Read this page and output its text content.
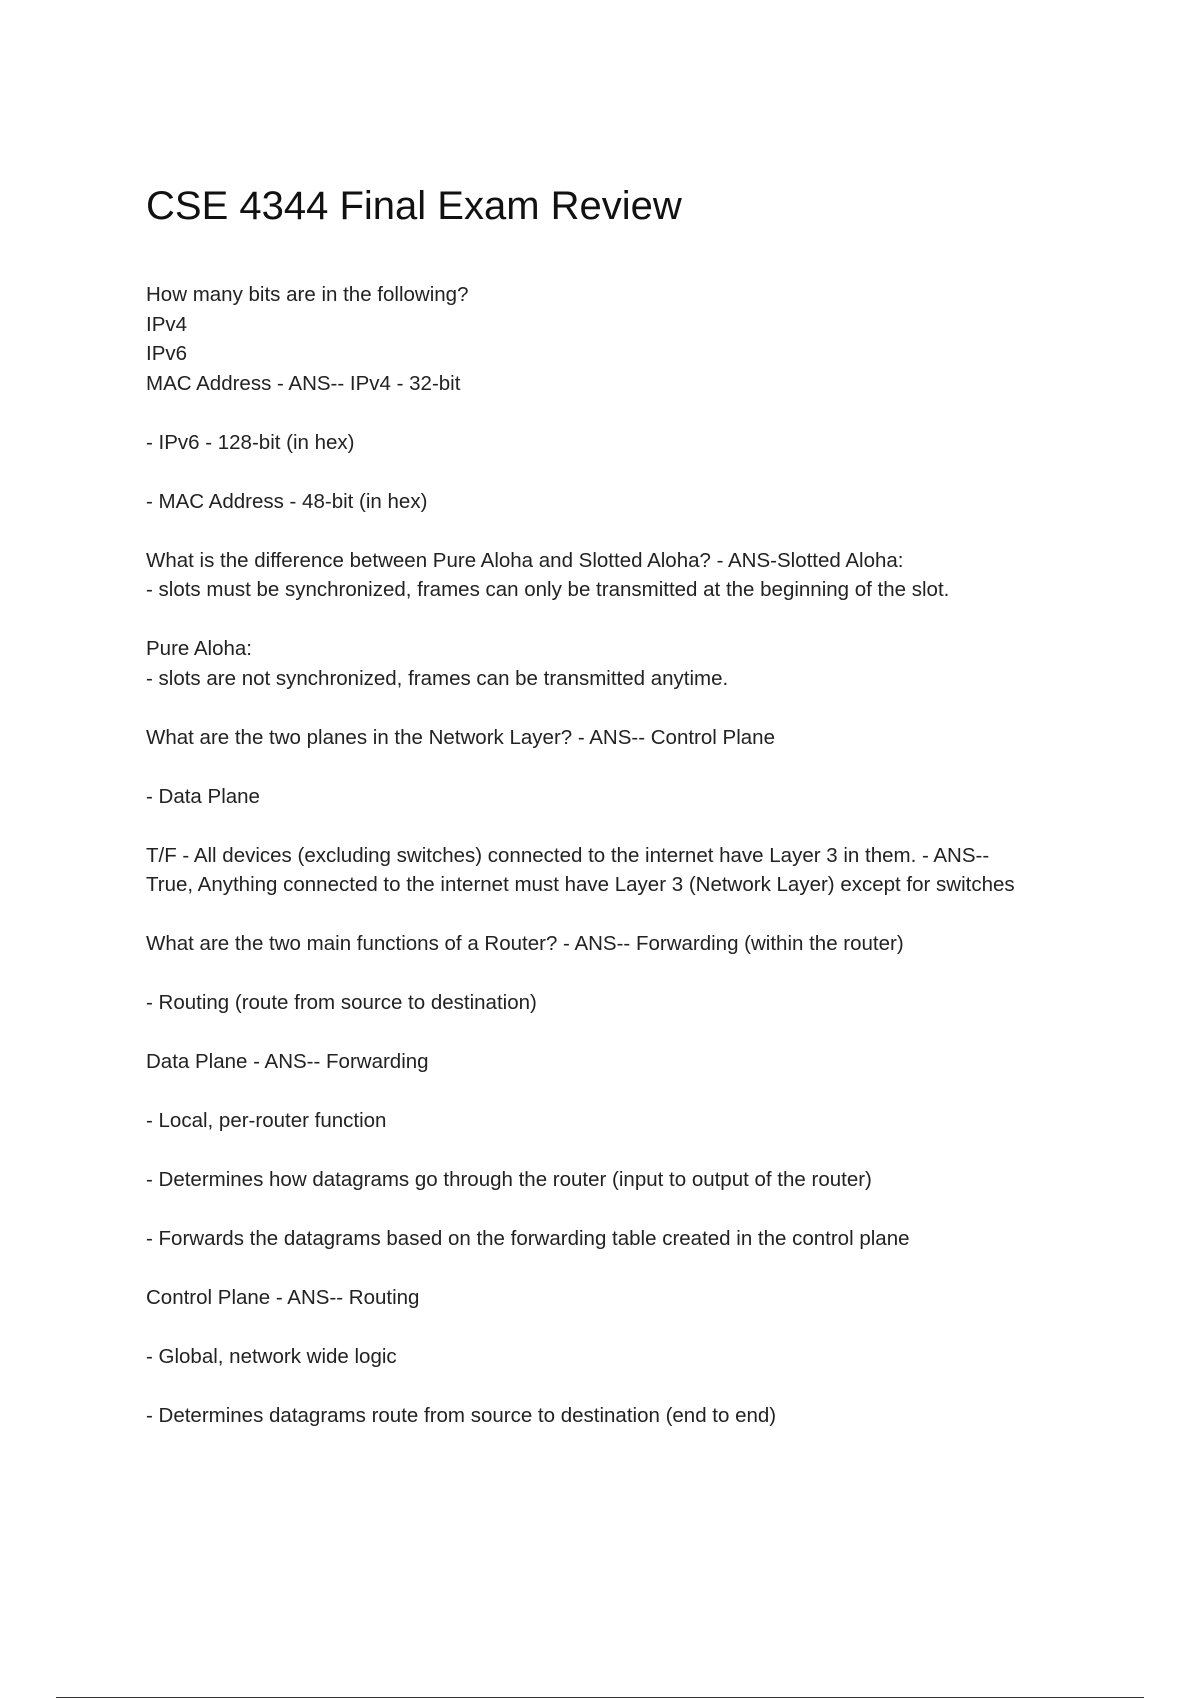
CSE 4344 Final Exam Review

How many bits are in the following?
IPv4
IPv6
MAC Address - ANS-- IPv4 - 32-bit

- IPv6 - 128-bit (in hex)

- MAC Address - 48-bit (in hex)

What is the difference between Pure Aloha and Slotted Aloha? - ANS-Slotted Aloha:
- slots must be synchronized, frames can only be transmitted at the beginning of the slot.

Pure Aloha:
- slots are not synchronized, frames can be transmitted anytime.

What are the two planes in the Network Layer? - ANS-- Control Plane

- Data Plane

T/F - All devices (excluding switches) connected to the internet have Layer 3 in them. - ANS--
True, Anything connected to the internet must have Layer 3 (Network Layer) except for switches

What are the two main functions of a Router? - ANS-- Forwarding (within the router)

- Routing (route from source to destination)

Data Plane - ANS-- Forwarding

- Local, per-router function

- Determines how datagrams go through the router (input to output of the router)

- Forwards the datagrams based on the forwarding table created in the control plane

Control Plane - ANS-- Routing

- Global, network wide logic

- Determines datagrams route from source to destination (end to end)
